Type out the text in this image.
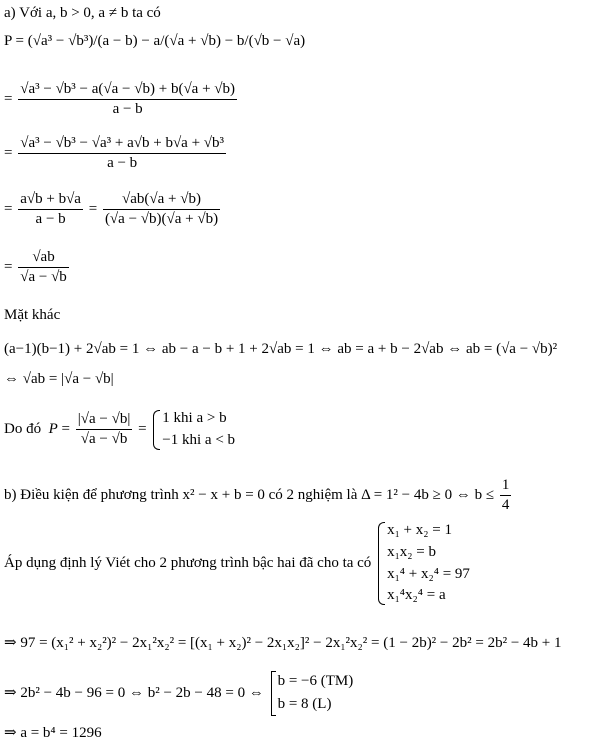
a) Với a, b > 0, a ≠ b ta có
P = (√a³ − √b³)/(a − b) − a/(√a + √b) − b/(√b − √a)
= $\frac{\text{√a³ − √b³ − a(√a − √b) + b(√a + √b)}}{a - b}$
= $\frac{\text{√a³ − √b³ − √a³ + a√b + b√a + √b³}}{a - b}$
= $\frac{a√b + b√a}{a - b} = \frac{√ab(√a + √b)}{(√a - √b)(√a + √b)}$
= $\frac{√ab}{√a - √b}$
Mặt khác
(a−1)(b−1) + 2√ab = 1 ⇔ ab − a − b + 1 + 2√ab = 1 ⇔ ab = a + b − 2√ab ⇔ ab = (√a − √b)²
⇔ √ab = |√a − √b|
Do đó  $P = \frac{|√a - √b|}{√a - √b}$ =
1 khi a > b
−1 khi a < b
b) Điều kiện để phương trình x² − x + b = 0 có 2 nghiệm là Δ = 1² − 4b ≥ 0 ⇔ $b \le \frac{1}{4}$
Áp dụng định lý Viét cho 2 phương trình bậc hai đã cho ta có
x₁ + x₂ = 1
x₁x₂ = b
x₁⁴ + x₂⁴ = 97
x₁⁴x₂⁴ = a
⇒ 97 = (x₁² + x₂²)² − 2x₁²x₂² = [(x₁ + x₂)² − 2x₁x₂]² − 2x₁²x₂² = (1 − 2b)² − 2b² = 2b² − 4b + 1
⇒ 2b² − 4b − 96 = 0 ⇔ b² − 2b − 48 = 0 ⇔
b = −6 (TM)
b = 8 (L)
⇒ a = b⁴ = 1296
